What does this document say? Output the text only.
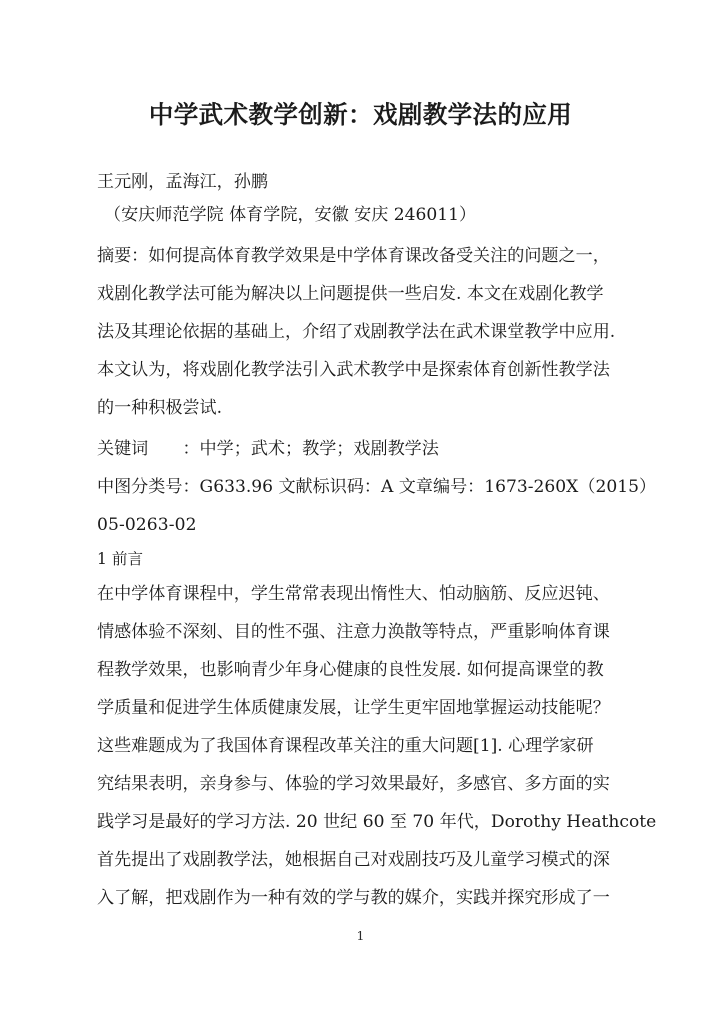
中学武术教学创新：戏剧教学法的应用
王元刚，孟海江，孙鹏
（安庆师范学院 体育学院，安徽 安庆 246011）
摘要：如何提高体育教学效果是中学体育课改备受关注的问题之一，
戏剧化教学法可能为解决以上问题提供一些启发. 本文在戏剧化教学
法及其理论依据的基础上，介绍了戏剧教学法在武术课堂教学中应用.
本文认为，将戏剧化教学法引入武术教学中是探索体育创新性教学法
的一种积极尝试.
关键词　　：中学；武术；教学；戏剧教学法
中图分类号：G633.96 文献标识码：A 文章编号：1673-260X（2015）
05-0263-02
1 前言
在中学体育课程中，学生常常表现出惰性大、怕动脑筋、反应迟钝、
情感体验不深刻、目的性不强、注意力涣散等特点，严重影响体育课
程教学效果，也影响青少年身心健康的良性发展. 如何提高课堂的教
学质量和促进学生体质健康发展，让学生更牢固地掌握运动技能呢？
这些难题成为了我国体育课程改革关注的重大问题[1]. 心理学家研
究结果表明，亲身参与、体验的学习效果最好，多感官、多方面的实
践学习是最好的学习方法. 20 世纪 60 至 70 年代，Dorothy Heathcote
首先提出了戏剧教学法，她根据自己对戏剧技巧及儿童学习模式的深
入了解，把戏剧作为一种有效的学与教的媒介，实践并探究形成了一
1
